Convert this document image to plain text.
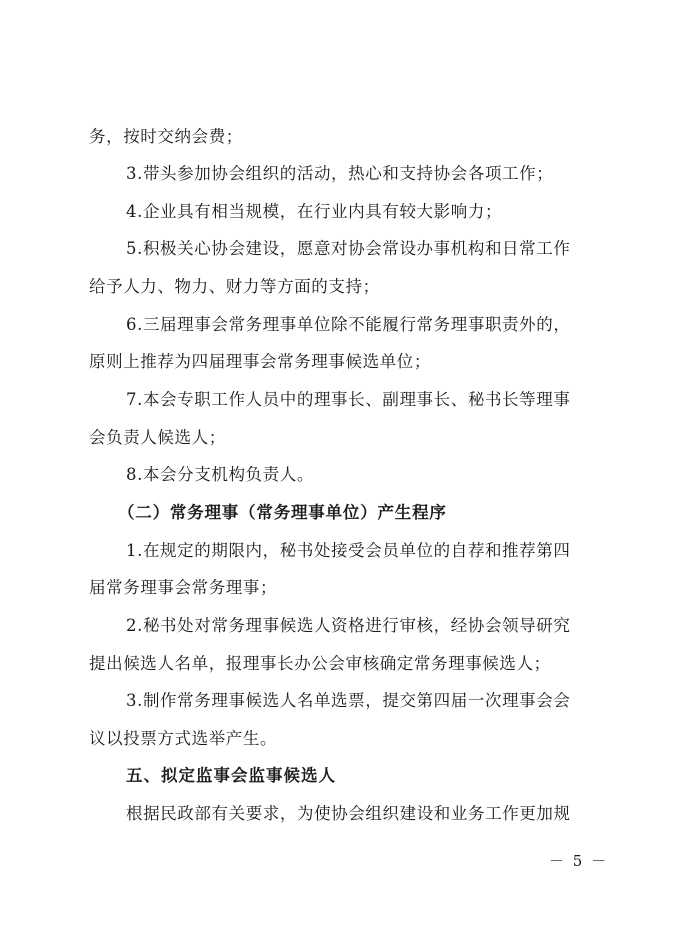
务，按时交纳会费；
3.带头参加协会组织的活动，热心和支持协会各项工作；
4.企业具有相当规模，在行业内具有较大影响力；
5.积极关心协会建设，愿意对协会常设办事机构和日常工作
给予人力、物力、财力等方面的支持；
6.三届理事会常务理事单位除不能履行常务理事职责外的，
原则上推荐为四届理事会常务理事候选单位；
7.本会专职工作人员中的理事长、副理事长、秘书长等理事
会负责人候选人；
8.本会分支机构负责人。
（二）常务理事（常务理事单位）产生程序
1.在规定的期限内，秘书处接受会员单位的自荐和推荐第四
届常务理事会常务理事；
2.秘书处对常务理事候选人资格进行审核，经协会领导研究
提出候选人名单，报理事长办公会审核确定常务理事候选人；
3.制作常务理事候选人名单选票，提交第四届一次理事会会
议以投票方式选举产生。
五、拟定监事会监事候选人
根据民政部有关要求，为使协会组织建设和业务工作更加规
－ 5 －
